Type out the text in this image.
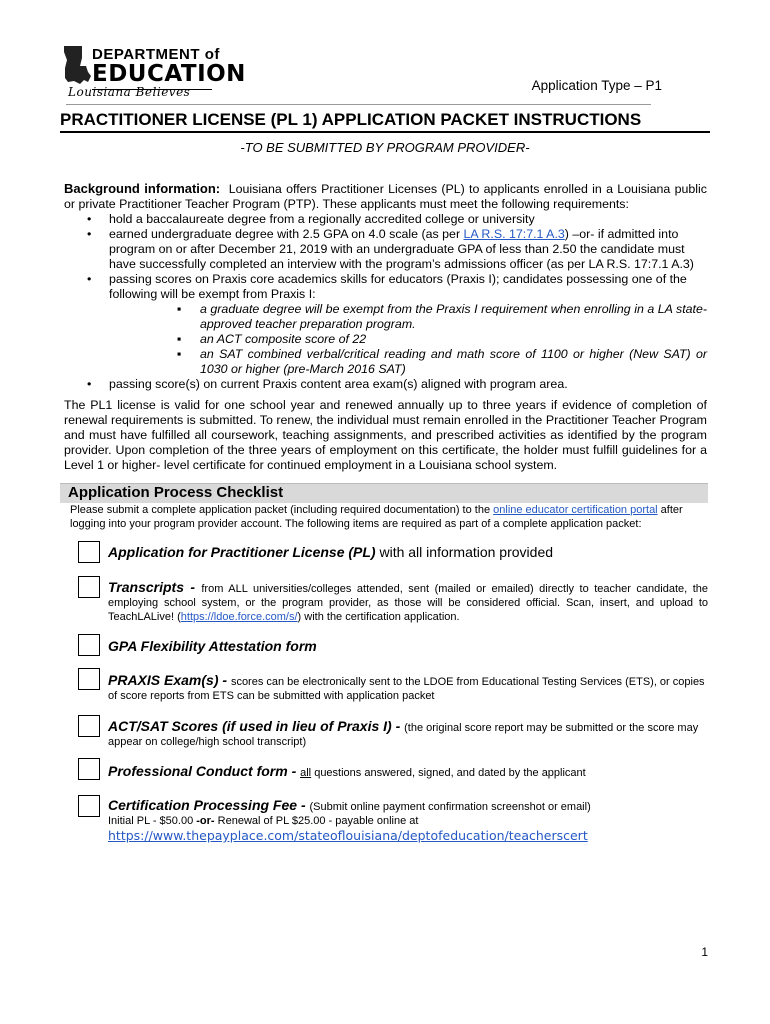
DEPARTMENT of
EDUCATION
Louisiana Believes	Application Type – P1
PRACTITIONER LICENSE (PL 1) APPLICATION PACKET INSTRUCTIONS
-TO BE SUBMITTED BY PROGRAM PROVIDER-

Background information: Louisiana offers Practitioner Licenses (PL) to applicants enrolled in a Louisiana public or private Practitioner Teacher Program (PTP). These applicants must meet the following requirements:

• hold a baccalaureate degree from a regionally accredited college or university
• earned undergraduate degree with 2.5 GPA on 4.0 scale (as per LA R.S. 17:7.1 A.3) –or- if admitted into program on or after December 21, 2019 with an undergraduate GPA of less than 2.50 the candidate must have successfully completed an interview with the program’s admissions officer (as per LA R.S. 17:7.1 A.3)
• passing scores on Praxis core academics skills for educators (Praxis I); candidates possessing one of the following will be exempt from Praxis I:
▪ a graduate degree will be exempt from the Praxis I requirement when enrolling in a LA state-approved teacher preparation program.
▪ an ACT composite score of 22
▪ an SAT combined verbal/critical reading and math score of 1100 or higher (New SAT) or 1030 or higher (pre-March 2016 SAT)
• passing score(s) on current Praxis content area exam(s) aligned with program area.

The PL1 license is valid for one school year and renewed annually up to three years if evidence of completion of renewal requirements is submitted. To renew, the individual must remain enrolled in the Practitioner Teacher Program and must have fulfilled all coursework, teaching assignments, and prescribed activities as identified by the program provider. Upon completion of the three years of employment on this certificate, the holder must fulfill guidelines for a Level 1 or higher- level certificate for continued employment in a Louisiana school system.

Application Process Checklist
Please submit a complete application packet (including required documentation) to the online educator certification portal after logging into your program provider account. The following items are required as part of a complete application packet:
Application for Practitioner License (PL) with all information provided
Transcripts - from ALL universities/colleges attended, sent (mailed or emailed) directly to teacher candidate, the employing school system, or the program provider, as those will be considered official. Scan, insert, and upload to TeachLALive! (https://ldoe.force.com/s/) with the certification application.
GPA Flexibility Attestation form
PRAXIS Exam(s) - scores can be electronically sent to the LDOE from Educational Testing Services (ETS), or copies of score reports from ETS can be submitted with application packet
ACT/SAT Scores (if used in lieu of Praxis I) - (the original score report may be submitted or the score may appear on college/high school transcript)
Professional Conduct form - all questions answered, signed, and dated by the applicant
Certification Processing Fee - (Submit online payment confirmation screenshot or email)
Initial PL - $50.00 -or- Renewal of PL $25.00 - payable online at
https://www.thepayplace.com/stateoflouisiana/deptofeducation/teacherscert
1
